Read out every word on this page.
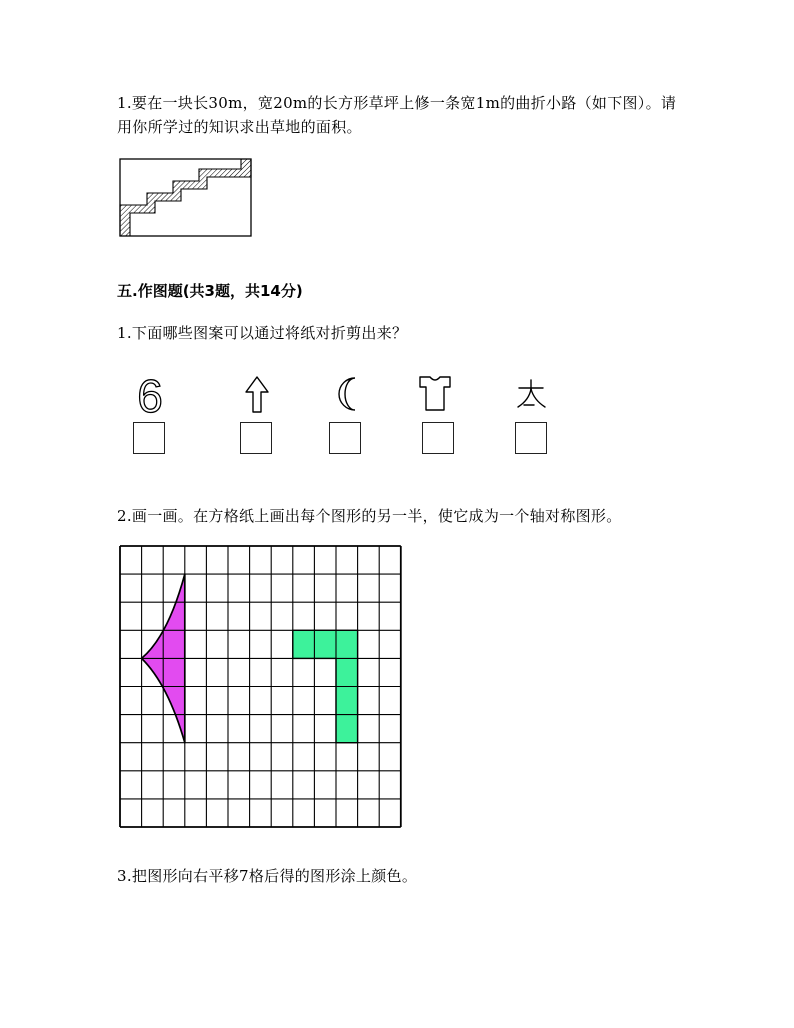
1.要在一块长30m，宽20m的长方形草坪上修一条宽1m的曲折小路（如下图）。请
用你所学过的知识求出草地的面积。
五.作图题(共3题，共14分)
1.下面哪些图案可以通过将纸对折剪出来？
6
2.画一画。在方格纸上画出每个图形的另一半，使它成为一个轴对称图形。
3.把图形向右平移7格后得的图形涂上颜色。
